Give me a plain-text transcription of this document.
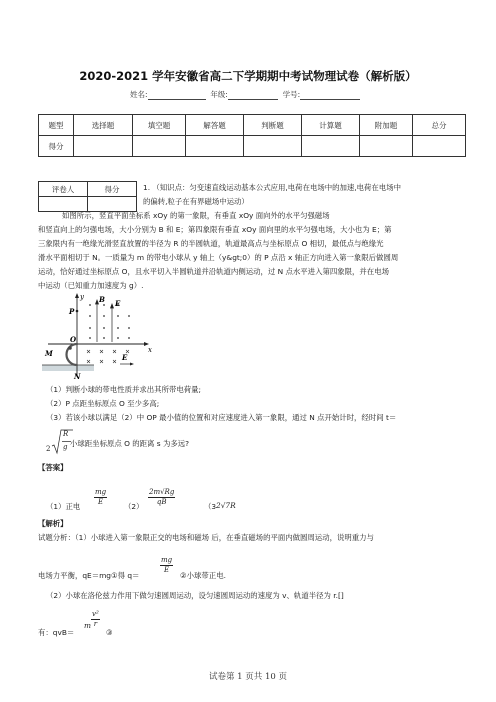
2020-2021 学年安徽省高二下学期期中考试物理试卷（解析版）
姓名:	年级:	学号:
题型	选择题	填空题	解答题	判断题	计算题	附加题	总分
得分							
评卷人	得分
		1. （知识点：匀变速直线运动基本公式应用,电荷在电场中的加速,电荷在电场中
的偏转,粒子在有界磁场中运动）
如图所示，竖直平面坐标系 xOy 的第一象限，有垂直 xOy 面向外的水平匀强磁场
和竖直向上的匀强电场，大小分别为 B 和 E；第四象限有垂直 xOy 面向里的水平匀强电场，大小也为 E；第
三象限内有一绝缘光滑竖直放置的半径为 R 的半圆轨道，轨道最高点与坐标原点 O 相切，最低点与绝缘光
滑水平面相切于 N。一质量为 m 的带电小球从 y 轴上（y&gt;0）的 P 点沿 x 轴正方向进入第一象限后做圆周
运动，恰好通过坐标原点 O，且水平切入半圆轨道并沿轨道内侧运动，过 N 点水平进入第四象限，并在电场
中运动（已知重力加速度为 g）.
y
x
P
B E
E
O
M
N
（1）判断小球的带电性质并求出其所带电荷量;
（2）P 点距坐标原点 O 至少多高;
（3）若该小球以满足（2）中 OP 最小值的位置和对应速度进入第一象限，通过 N 点开始计时，经时间 t＝
2
R
g 小球距坐标原点 O 的距离 s 为多远?
【答案】
（1）正电 $\frac{mg}{E} (2) \frac{2m√Rg}{qB}$	（3 2√7R
【解析】
试题分析：（1）小球进入第一象限正交的电场和磁场 后，在垂直磁场的平面内做圆周运动，说明重力与
电场力平衡，qE＝mg①得 q＝
$\frac{mg}{E}$
②小球带正电.
（2）小球在洛伦兹力作用下做匀速圆周运动，设匀速圆周运动的速度为 v、轨道半径为 r.[]
有：qvB＝
m $\frac{\text{v²}}{r}$
③
试卷第 1 页共 10 页
